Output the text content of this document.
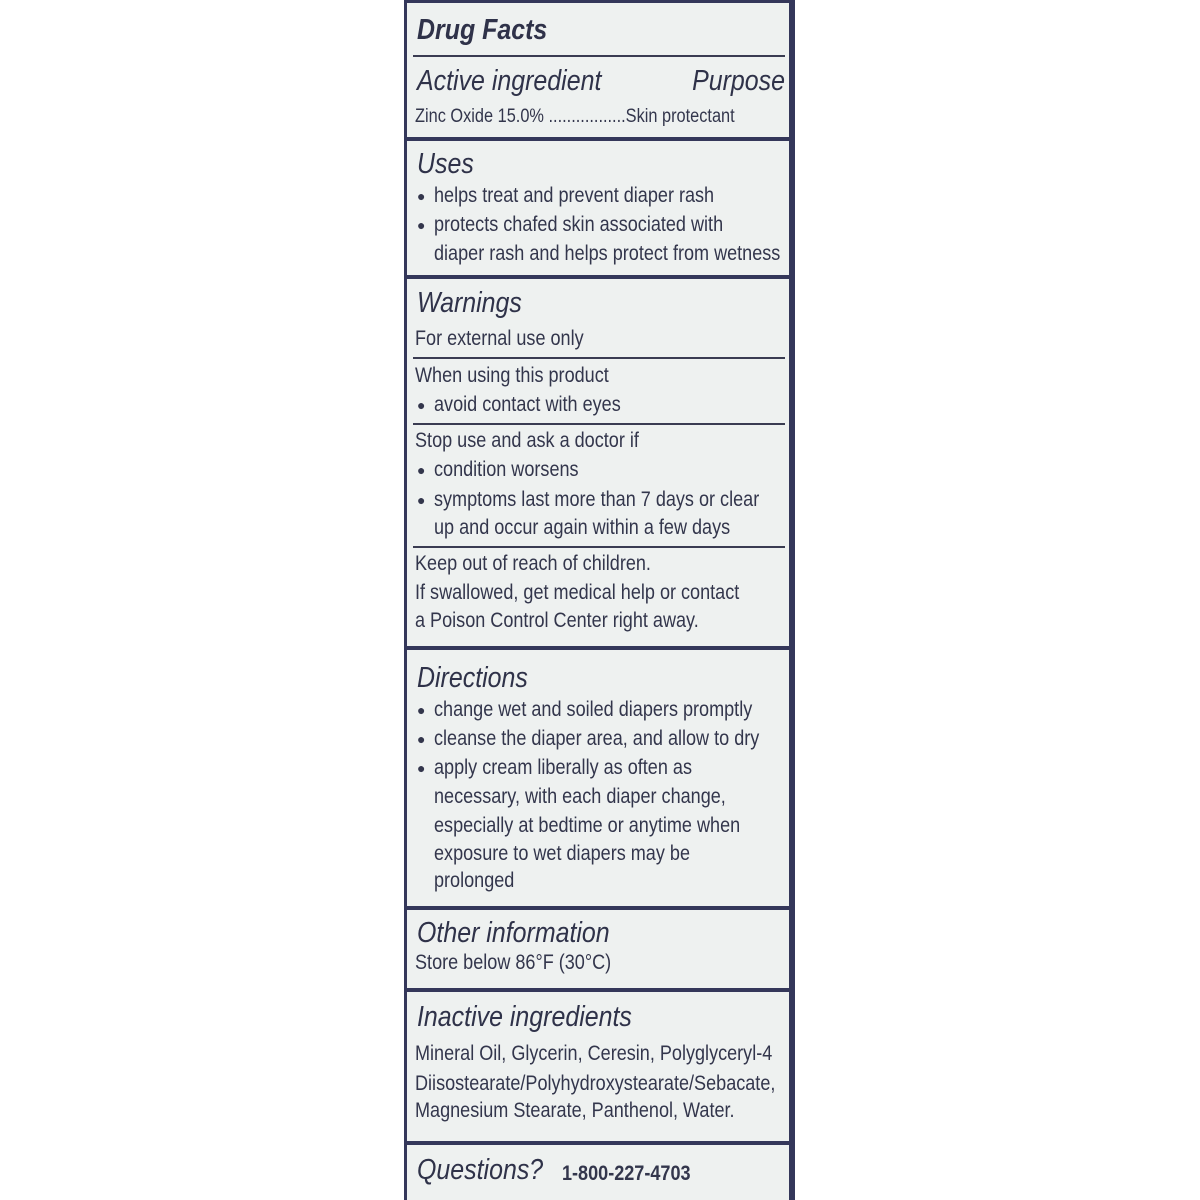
Drug Facts
Active ingredient	Purpose
Zinc Oxide 15.0% .................Skin protectant
Uses
● helps treat and prevent diaper rash
● protects chafed skin associated with
diaper rash and helps protect from wetness
Warnings
For external use only
When using this product
● avoid contact with eyes
Stop use and ask a doctor if
● condition worsens
● symptoms last more than 7 days or clear
up and occur again within a few days
Keep out of reach of children.
If swallowed, get medical help or contact
a Poison Control Center right away.
Directions
● change wet and soiled diapers promptly
● cleanse the diaper area, and allow to dry
● apply cream liberally as often as
necessary, with each diaper change,
especially at bedtime or anytime when
exposure to wet diapers may be
prolonged
Other information
Store below 86°F (30°C)
Inactive ingredients
Mineral Oil, Glycerin, Ceresin, Polyglyceryl-4
Diisostearate/Polyhydroxystearate/Sebacate,
Magnesium Stearate, Panthenol, Water.
Questions? 1-800-227-4703
